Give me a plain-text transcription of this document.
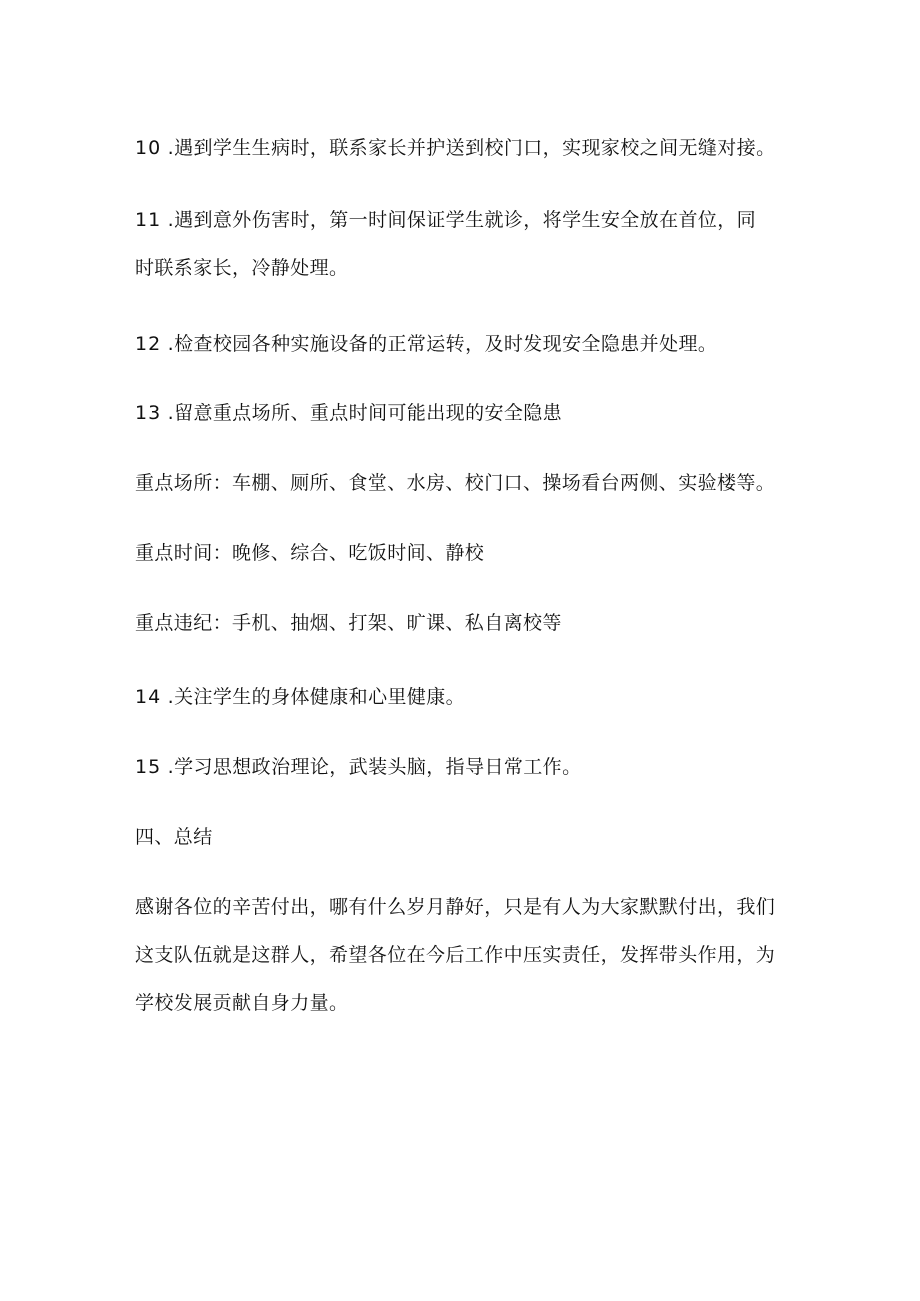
10 .遇到学生生病时，联系家长并护送到校门口，实现家校之间无缝对接。
11 .遇到意外伤害时，第一时间保证学生就诊，将学生安全放在首位，同
时联系家长，冷静处理。
12 .检查校园各种实施设备的正常运转，及时发现安全隐患并处理。
13 .留意重点场所、重点时间可能出现的安全隐患
重点场所：车棚、厕所、食堂、水房、校门口、操场看台两侧、实验楼等。
重点时间：晚修、综合、吃饭时间、静校
重点违纪：手机、抽烟、打架、旷课、私自离校等
14 .关注学生的身体健康和心里健康。
15 .学习思想政治理论，武装头脑，指导日常工作。
四、总结
感谢各位的辛苦付出，哪有什么岁月静好，只是有人为大家默默付出，我们
这支队伍就是这群人，希望各位在今后工作中压实责任，发挥带头作用，为
学校发展贡献自身力量。
